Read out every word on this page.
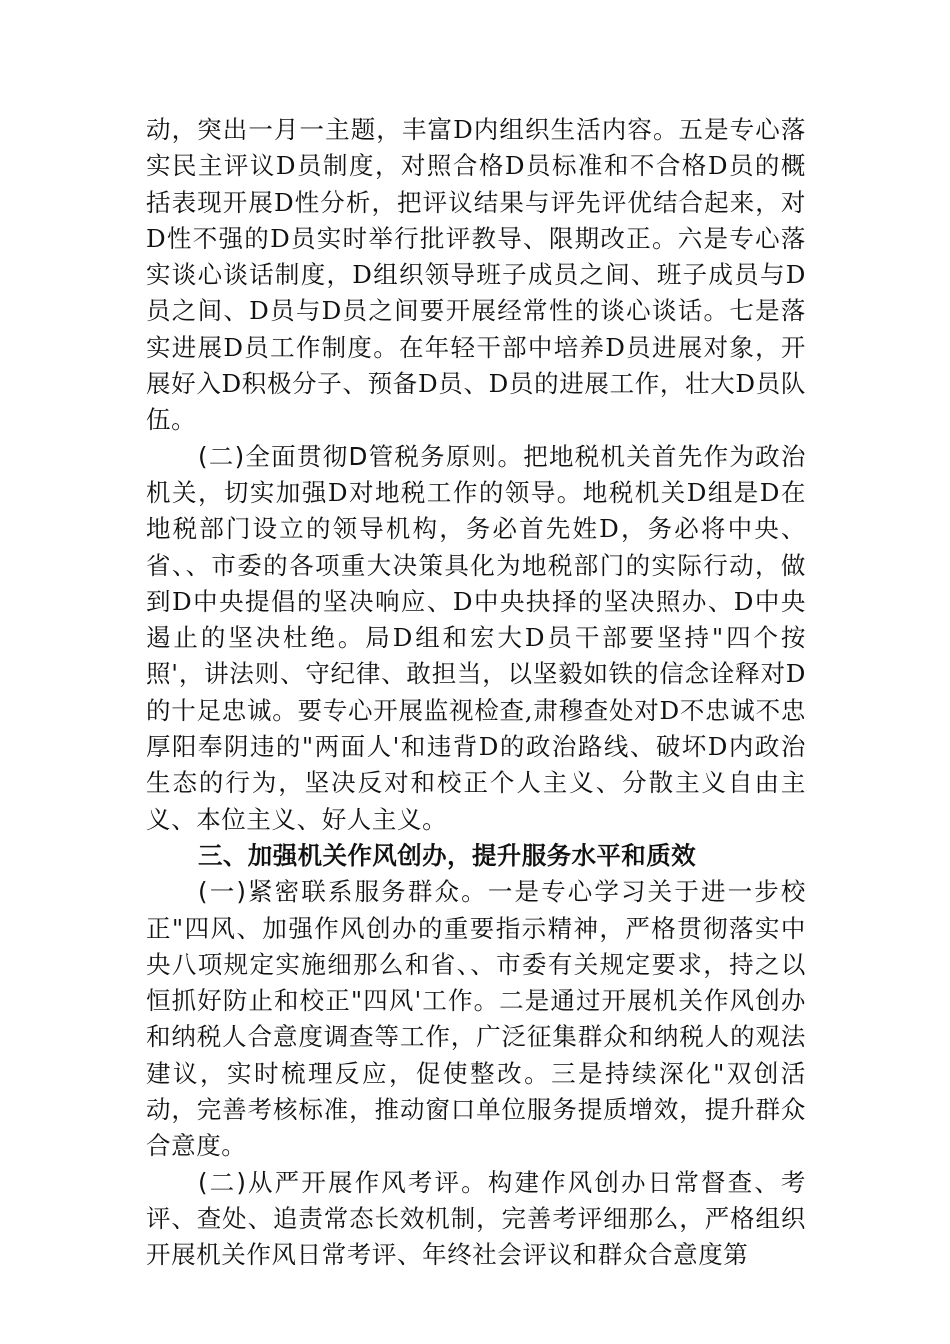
动，突出一月一主题，丰富D内组织生活内容。五是专心落实民主评议D员制度，对照合格D员标准和不合格D员的概括表现开展D性分析，把评议结果与评先评优结合起来，对D性不强的D员实时举行批评教导、限期改正。六是专心落实谈心谈话制度，D组织领导班子成员之间、班子成员与D员之间、D员与D员之间要开展经常性的谈心谈话。七是落实进展D员工作制度。在年轻干部中培养D员进展对象，开展好入D积极分子、预备D员、D员的进展工作，壮大D员队伍。

(二)全面贯彻D管税务原则。把地税机关首先作为政治机关，切实加强D对地税工作的领导。地税机关D组是D在地税部门设立的领导机构，务必首先姓D，务必将中央、省、、市委的各项重大决策具化为地税部门的实际行动，做到D中央提倡的坚决响应、D中央抉择的坚决照办、D中央遏止的坚决杜绝。局D组和宏大D员干部要坚持"四个按照'，讲法则、守纪律、敢担当，以坚毅如铁的信念诠释对D的十足忠诚。要专心开展监视检查,肃穆查处对D不忠诚不忠厚阳奉阴违的"两面人'和违背D的政治路线、破坏D内政治生态的行为，坚决反对和校正个人主义、分散主义自由主义、本位主义、好人主义。

三、加强机关作风创办，提升服务水平和质效

(一)紧密联系服务群众。一是专心学习关于进一步校正"四风、加强作风创办的重要指示精神，严格贯彻落实中央八项规定实施细那么和省、、市委有关规定要求，持之以恒抓好防止和校正"四风'工作。二是通过开展机关作风创办和纳税人合意度调查等工作，广泛征集群众和纳税人的观法建议，实时梳理反应，促使整改。三是持续深化"双创活动，完善考核标准，推动窗口单位服务提质增效，提升群众合意度。

(二)从严开展作风考评。构建作风创办日常督查、考评、查处、追责常态长效机制，完善考评细那么，严格组织开展机关作风日常考评、年终社会评议和群众合意度第
